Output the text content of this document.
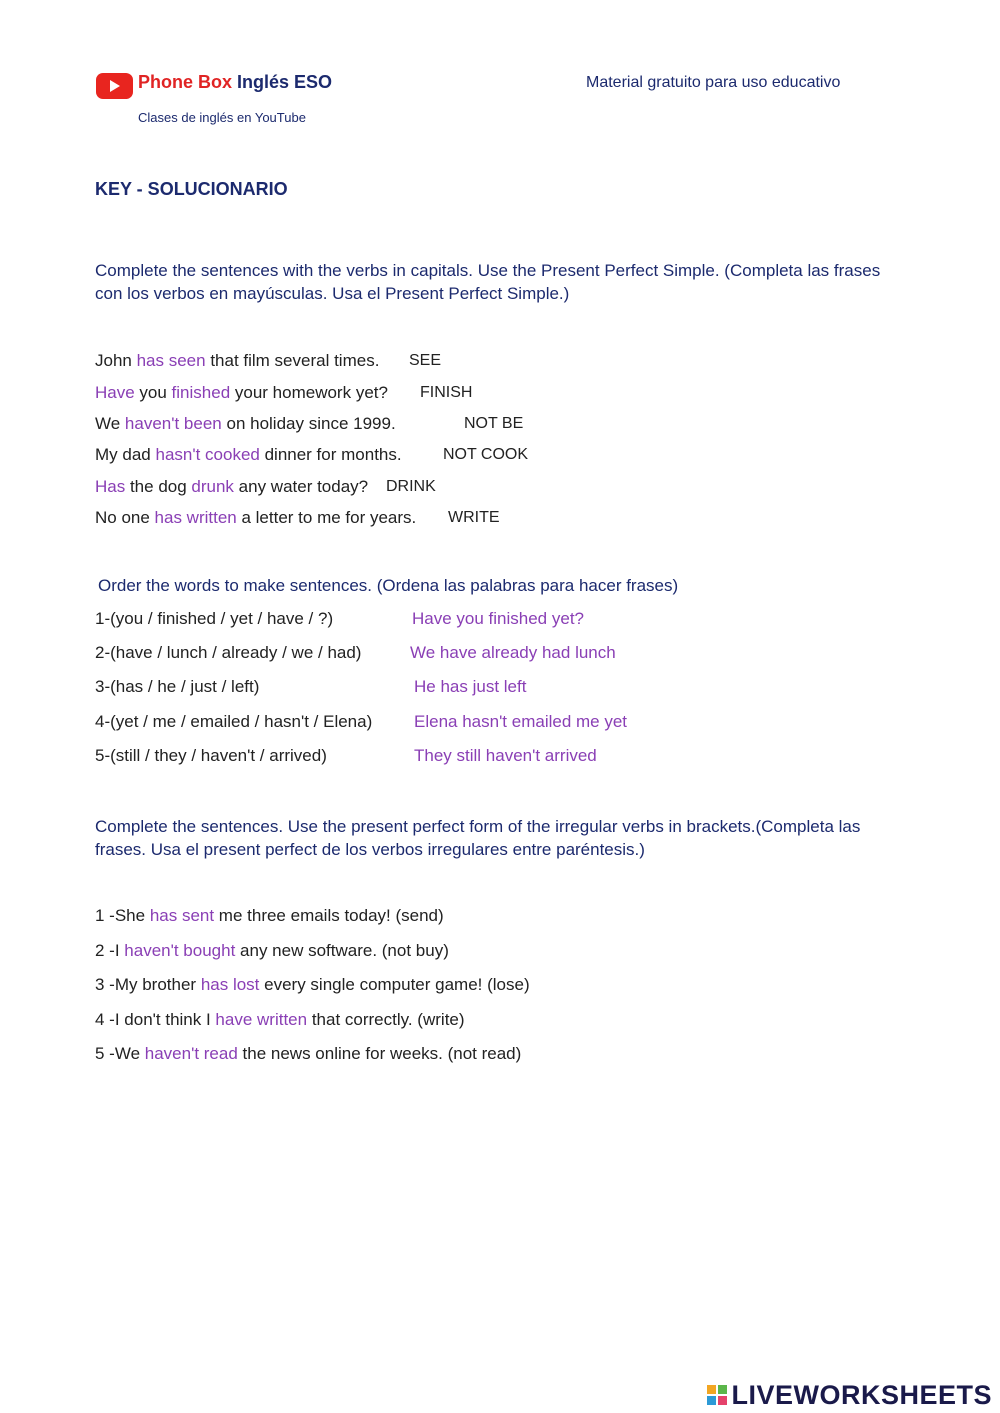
Phone Box Inglés ESO
Clases de inglés en YouTube
Material gratuito para uso educativo
KEY - SOLUCIONARIO
Complete the sentences with the verbs in capitals. Use the Present Perfect Simple. (Completa las frases con los verbos en mayúsculas. Usa el Present Perfect Simple.)
John has seen that film several times. SEE
Have you finished your homework yet? FINISH
We haven't been on holiday since 1999.	NOT BE
My dad hasn't cooked dinner for months.	NOT COOK
Has the dog drunk any water today? DRINK
No one has written a letter to me for years. WRITE
Order the words to make sentences. (Ordena las palabras para hacer frases)
1-(you / finished / yet / have / ?)	Have you finished yet?
2-(have / lunch / already / we / had)	We have already had lunch
3-(has / he / just / left)	He has just left
4-(yet / me / emailed / hasn't / Elena) Elena hasn't emailed me yet
5-(still / they / haven't / arrived)	They still haven't arrived
Complete the sentences. Use the present perfect form of the irregular verbs in brackets.(Completa las frases. Usa el present perfect de los verbos irregulares entre paréntesis.)
1 -She has sent me three emails today! (send)
2 -I haven't bought any new software. (not buy)
3 -My brother has lost every single computer game! (lose)
4 -I don't think I have written that correctly. (write)
5 -We haven't read the news online for weeks. (not read)
LIVEWORKSHEETS
